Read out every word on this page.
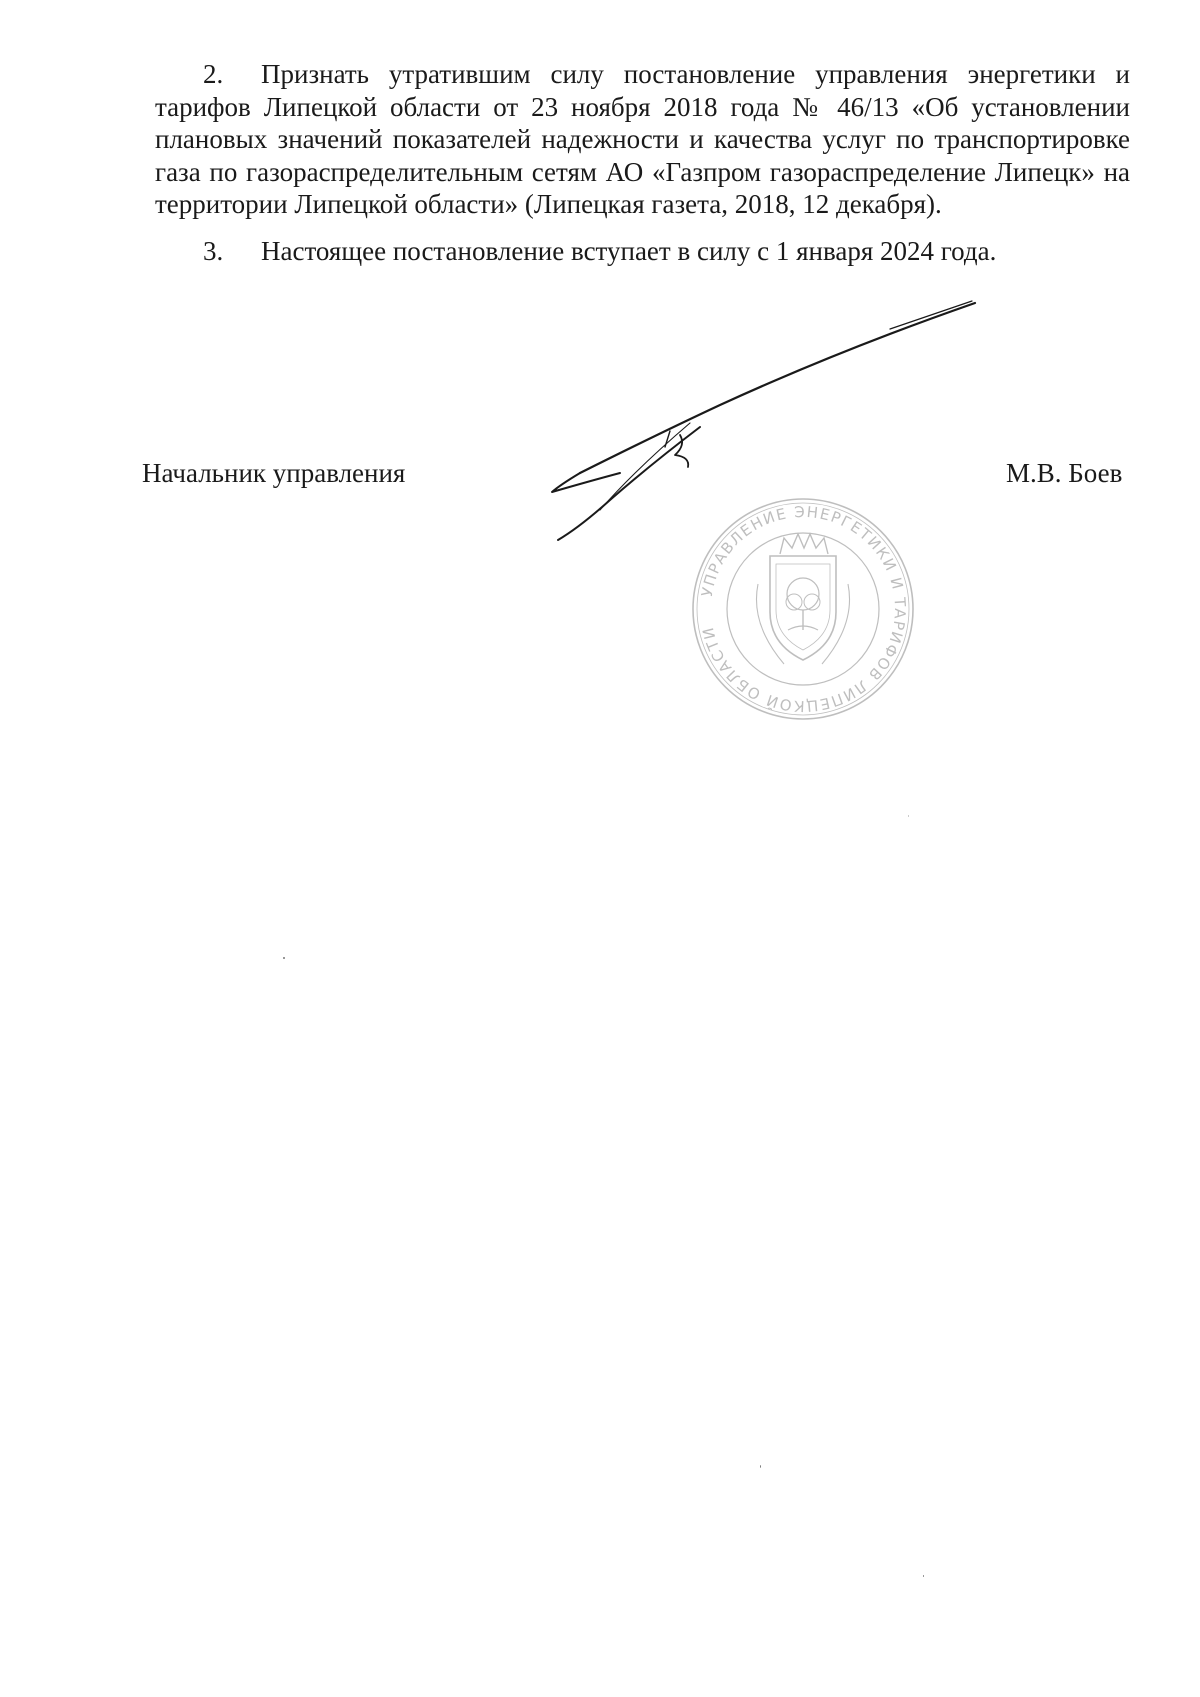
2. Признать утратившим силу постановление управления энергетики и тарифов Липецкой области от 23 ноября 2018 года № 46/13 «Об установлении плановых значений показателей надежности и качества услуг по транспортировке газа по газораспределительным сетям АО «Газпром газораспределение Липецк» на территории Липецкой области» (Липецкая газета, 2018, 12 декабря).

3. Настоящее постановление вступает в силу с 1 января 2024 года.

Начальник управления	М.В. Боев
УПРАВЛЕНИЕ ЭНЕРГЕТИКИ И ТАРИФОВ ЛИПЕЦКОЙ ОБЛАСТИ
